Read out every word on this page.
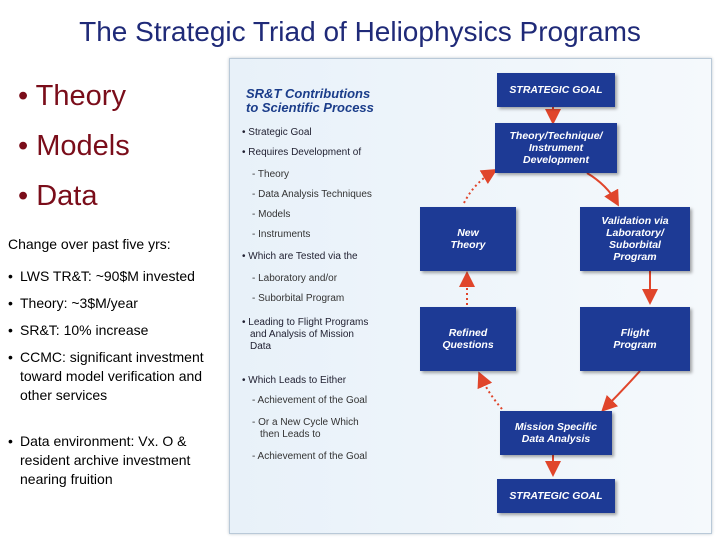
The Strategic Triad of Heliophysics Programs
• Theory
• Models
• Data
Change over past five yrs:
• LWS TR&T: ~90$M invested
• Theory: ~3$M/year
• SR&T: 10% increase
• CCMC: significant investment toward model verification and other services
• Data environment: Vx. O & resident archive investment nearing fruition
SR&T Contributions
to Scientific Process
• Strategic Goal
• Requires Development of
- Theory
- Data Analysis Techniques
- Models
- Instruments
• Which are Tested via the
- Laboratory and/or
- Suborbital Program
• Leading to Flight Programs
and Analysis of Mission
Data
• Which Leads to Either
- Achievement of the Goal
- Or a New Cycle Which
then Leads to
- Achievement of the Goal
STRATEGIC GOAL
Theory/Technique/
Instrument
Development
New
Theory
Validation via
Laboratory/
Suborbital
Program
Refined
Questions
Flight
Program
Mission Specific
Data Analysis
STRATEGIC GOAL
